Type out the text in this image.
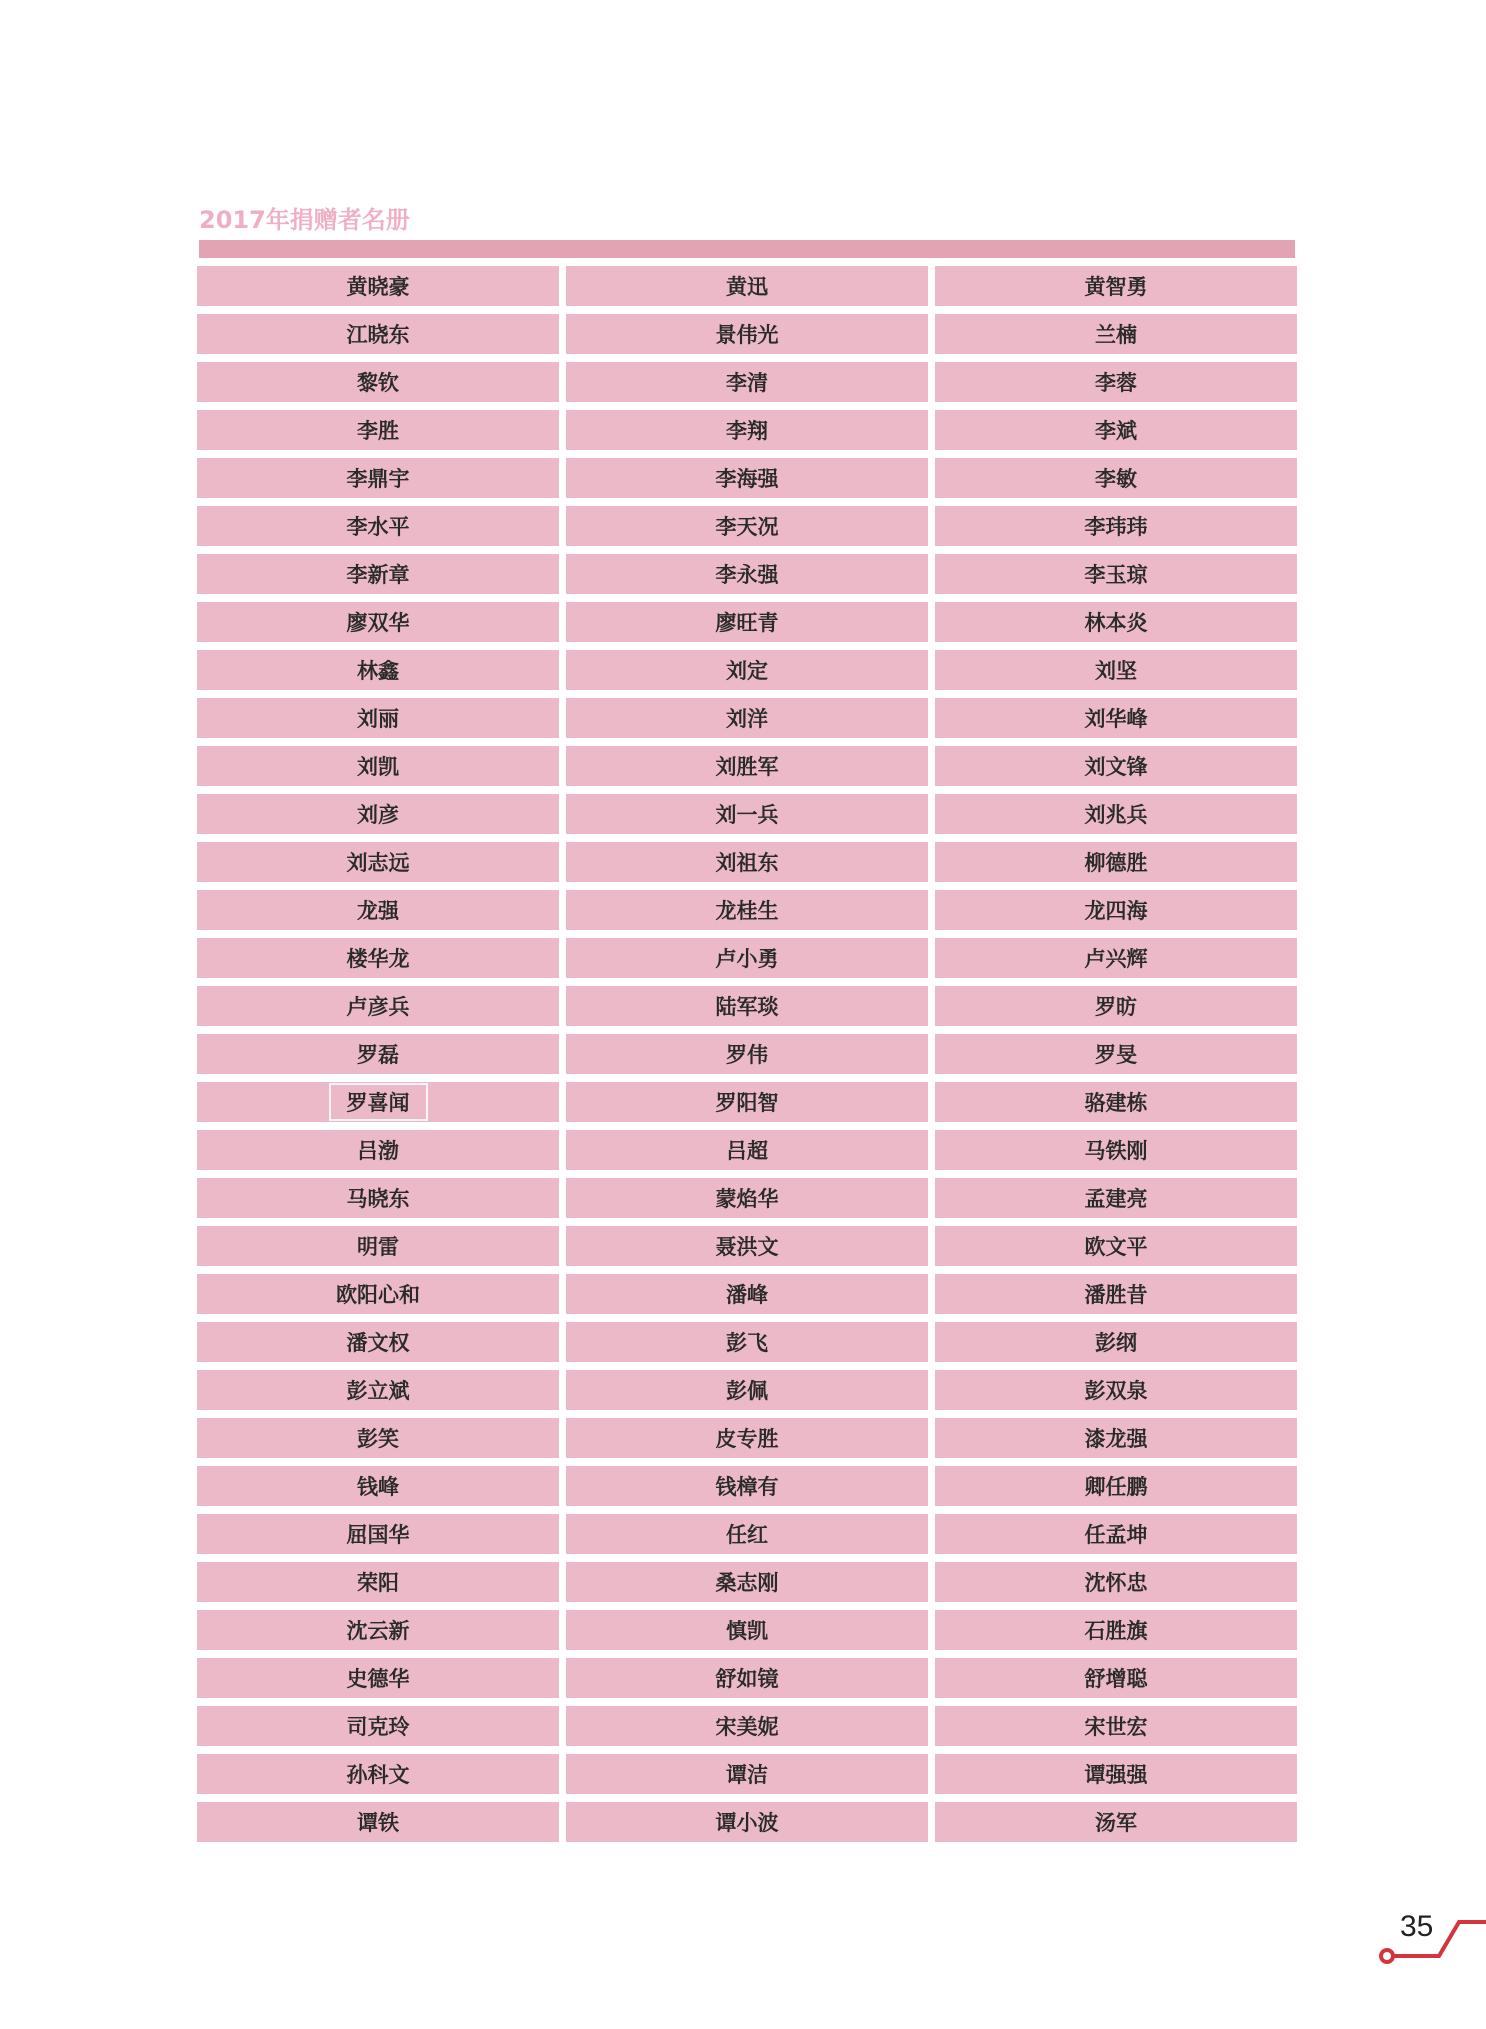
2017年捐赠者名册
黄晓豪	黄迅	黄智勇
江晓东	景伟光	兰楠
黎钦	李清	李蓉
李胜	李翔	李斌
李鼎宇	李海强	李敏
李水平	李天况	李玮玮
李新章	李永强	李玉琼
廖双华	廖旺青	林本炎
林鑫	刘定	刘坚
刘丽	刘洋	刘华峰
刘凯	刘胜军	刘文锋
刘彦	刘一兵	刘兆兵
刘志远	刘祖东	柳德胜
龙强	龙桂生	龙四海
楼华龙	卢小勇	卢兴辉
卢彦兵	陆军琰	罗昉
罗磊	罗伟	罗旻
罗喜闻	罗阳智	骆建栋
吕渤	吕超	马铁刚
马晓东	蒙焰华	孟建亮
明雷	聂洪文	欧文平
欧阳心和	潘峰	潘胜昔
潘文权	彭飞	彭纲
彭立斌	彭佩	彭双泉
彭笑	皮专胜	漆龙强
钱峰	钱樟有	卿任鹏
屈国华	任红	任孟坤
荣阳	桑志刚	沈怀忠
沈云新	慎凯	石胜旗
史德华	舒如镜	舒增聪
司克玲	宋美妮	宋世宏
孙科文	谭洁	谭强强
谭铁	谭小波	汤军
35
